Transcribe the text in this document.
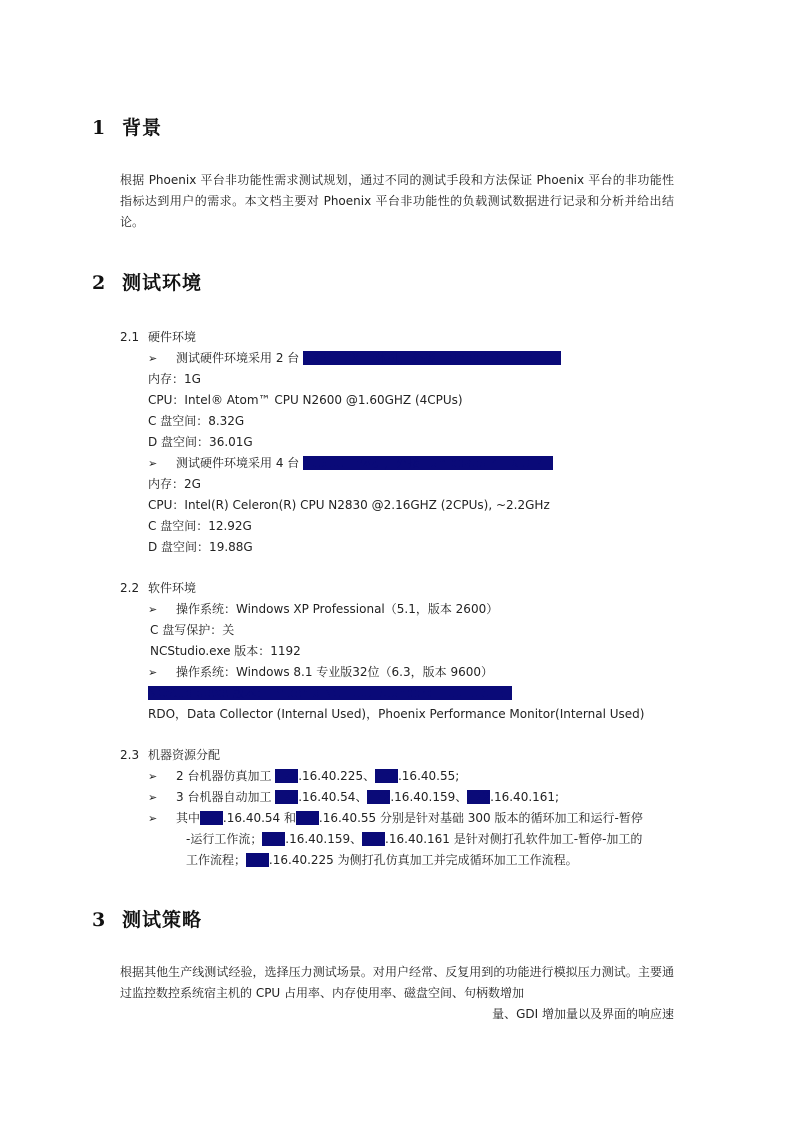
1 背景
根据 Phoenix 平台非功能性需求测试规划，通过不同的测试手段和方法保证 Phoenix 平台的非功能性指标达到用户的需求。本文档主要对 Phoenix 平台非功能性的负载测试数据进行记录和分析并给出结论。
2 测试环境
2.1 硬件环境
➢ 测试硬件环境采用 2 台 NK300CX 一体机，外接 Lambda5S 1.6X-1A1
内存：1G
CPU：Intel® Atom™ CPU N2600 @1.60GHZ (4CPUs)
C 盘空间：8.32G
D 盘空间：36.01G
➢ 测试硬件环境采用 4 台 NC60C 一体机，外接 Lambda5S 4 EX 3141
内存：2G
CPU：Intel(R) Celeron(R) CPU N2830 @2.16GHZ (2CPUs), ~2.2GHz
C 盘空间：12.92G
D 盘空间：19.88G
2.2 软件环境
➢ 操作系统：Windows XP Professional（5.1，版本 2600）
C 盘写保护：关
NCStudio.exe 版本：1192
➢ 操作系统：Windows 8.1 专业版32位（6.3，版本 9600）
NCStudio.exe 版本： Phoenix NC 1.0.0 Standard_1.0.100.151
RDO，Data Collector (Internal Used)，Phoenix Performance Monitor(Internal Used)
2.3 机器资源分配
➢ 2 台机器仿真加工 172.16.40.225、172.16.40.55;
➢ 3 台机器自动加工 172.16.40.54、172.16.40.159、172.16.40.161;
➢ 其中172.16.40.54 和172.16.40.55 分别是针对基础 300 版本的循环加工和运行-暂停
-运行工作流；172.16.40.159、172.16.40.161 是针对侧打孔软件加工-暂停-加工的
工作流程；172.16.40.225 为侧打孔仿真加工并完成循环加工工作流程。
3 测试策略
根据其他生产线测试经验，选择压力测试场景。对用户经常、反复用到的功能进行模拟压力测试。主要通过监控数控系统宿主机的 CPU 占用率、内存使用率、磁盘空间、句柄数增加
量、GDI 增加量以及界面的响应速
